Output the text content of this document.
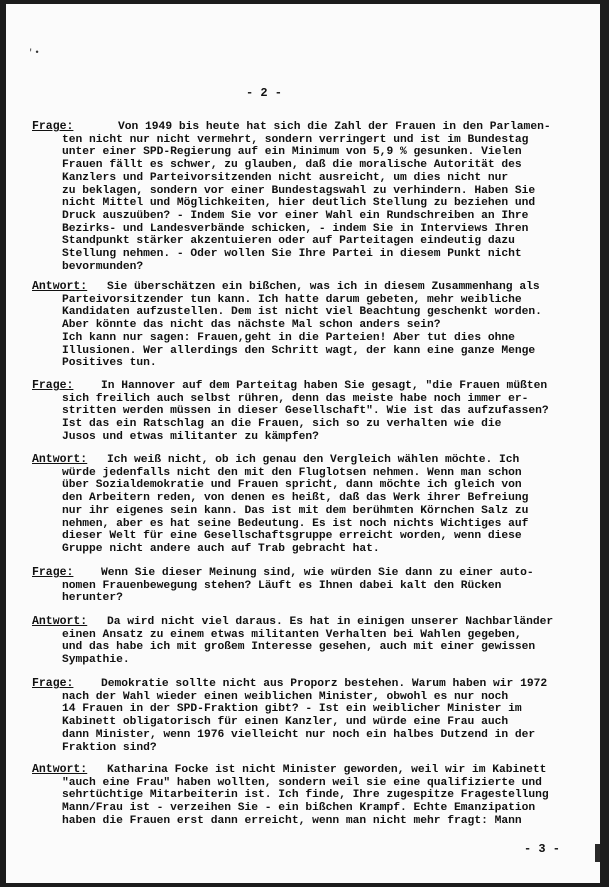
'•
- 2 -
Frage:	Von 1949 bis heute hat sich die Zahl der Frauen in den Parlamen-
ten nicht nur nicht vermehrt, sondern verringert und ist im Bundestag
unter einer SPD-Regierung auf ein Minimum von 5,9 % gesunken. Vielen
Frauen fällt es schwer, zu glauben, daß die moralische Autorität des
Kanzlers und Parteivorsitzenden nicht ausreicht, um dies nicht nur
zu beklagen, sondern vor einer Bundestagswahl zu verhindern. Haben Sie
nicht Mittel und Möglichkeiten, hier deutlich Stellung zu beziehen und
Druck auszuüben? - Indem Sie vor einer Wahl ein Rundschreiben an Ihre
Bezirks- und Landesverbände schicken, - indem Sie in Interviews Ihren
Standpunkt stärker akzentuieren oder auf Parteitagen eindeutig dazu
Stellung nehmen. - Oder wollen Sie Ihre Partei in diesem Punkt nicht
bevormunden?
Antwort: Sie überschätzen ein bißchen, was ich in diesem Zusammenhang als
Parteivorsitzender tun kann. Ich hatte darum gebeten, mehr weibliche
Kandidaten aufzustellen. Dem ist nicht viel Beachtung geschenkt worden.
Aber könnte das nicht das nächste Mal schon anders sein?
Ich kann nur sagen: Frauen,geht in die Parteien! Aber tut dies ohne
Illusionen. Wer allerdings den Schritt wagt, der kann eine ganze Menge
Positives tun.
Frage: In Hannover auf dem Parteitag haben Sie gesagt, "die Frauen müßten
sich freilich auch selbst rühren, denn das meiste habe noch immer er-
stritten werden müssen in dieser Gesellschaft". Wie ist das aufzufassen?
Ist das ein Ratschlag an die Frauen, sich so zu verhalten wie die
Jusos und etwas militanter zu kämpfen?
Antwort: Ich weiß nicht, ob ich genau den Vergleich wählen möchte. Ich
würde jedenfalls nicht den mit den Fluglotsen nehmen. Wenn man schon
über Sozialdemokratie und Frauen spricht, dann möchte ich gleich von
den Arbeitern reden, von denen es heißt, daß das Werk ihrer Befreiung
nur ihr eigenes sein kann. Das ist mit dem berühmten Körnchen Salz zu
nehmen, aber es hat seine Bedeutung. Es ist noch nichts Wichtiges auf
dieser Welt für eine Gesellschaftsgruppe erreicht worden, wenn diese
Gruppe nicht andere auch auf Trab gebracht hat.
Frage: Wenn Sie dieser Meinung sind, wie würden Sie dann zu einer auto-
nomen Frauenbewegung stehen? Läuft es Ihnen dabei kalt den Rücken
herunter?
Antwort: Da wird nicht viel daraus. Es hat in einigen unserer Nachbarländer
einen Ansatz zu einem etwas militanten Verhalten bei Wahlen gegeben,
und das habe ich mit großem Interesse gesehen, auch mit einer gewissen
Sympathie.
Frage: Demokratie sollte nicht aus Proporz bestehen. Warum haben wir 1972
nach der Wahl wieder einen weiblichen Minister, obwohl es nur noch
14 Frauen in der SPD-Fraktion gibt? - Ist ein weiblicher Minister im
Kabinett obligatorisch für einen Kanzler, und würde eine Frau auch
dann Minister, wenn 1976 vielleicht nur noch ein halbes Dutzend in der
Fraktion sind?
Antwort: Katharina Focke ist nicht Minister geworden, weil wir im Kabinett
"auch eine Frau" haben wollten, sondern weil sie eine qualifizierte und
sehrtüchtige Mitarbeiterin ist. Ich finde, Ihre zugespitze Fragestellung
Mann/Frau ist - verzeihen Sie - ein bißchen Krampf. Echte Emanzipation
haben die Frauen erst dann erreicht, wenn man nicht mehr fragt: Mann
- 3 -
